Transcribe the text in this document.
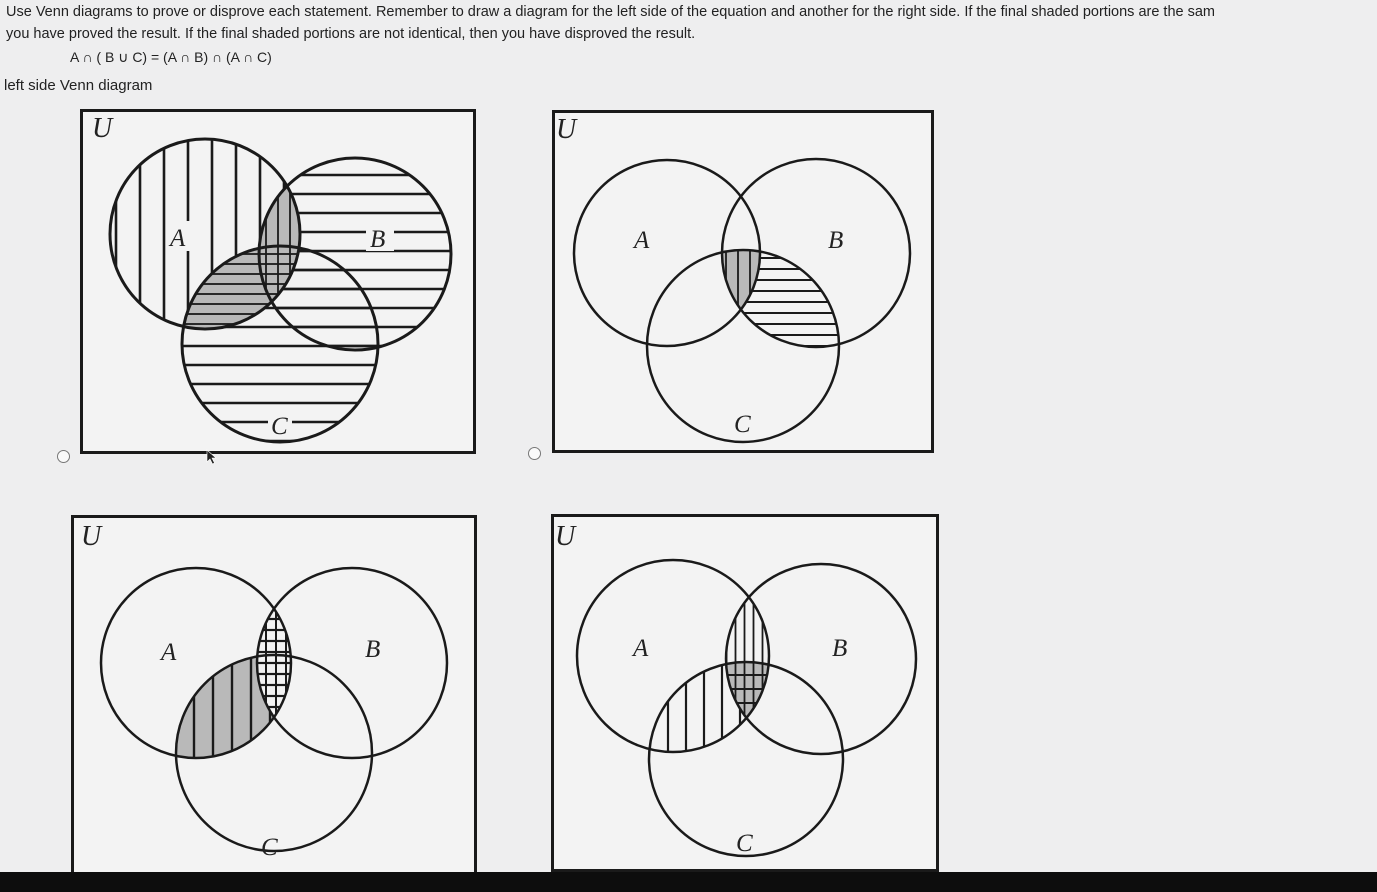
Use Venn diagrams to prove or disprove each statement. Remember to draw a diagram for the left side of the equation and another for the right side. If the final shaded portions are the sam
you have proved the result. If the final shaded portions are not identical, then you have disproved the result.

A ∩ ( B ∪ C) = (A ∩ B) ∩ (A ∩ C)

left side Venn diagram

U
A	B
C
U
A	B
C
U
A	B
C
U
A	B
C
